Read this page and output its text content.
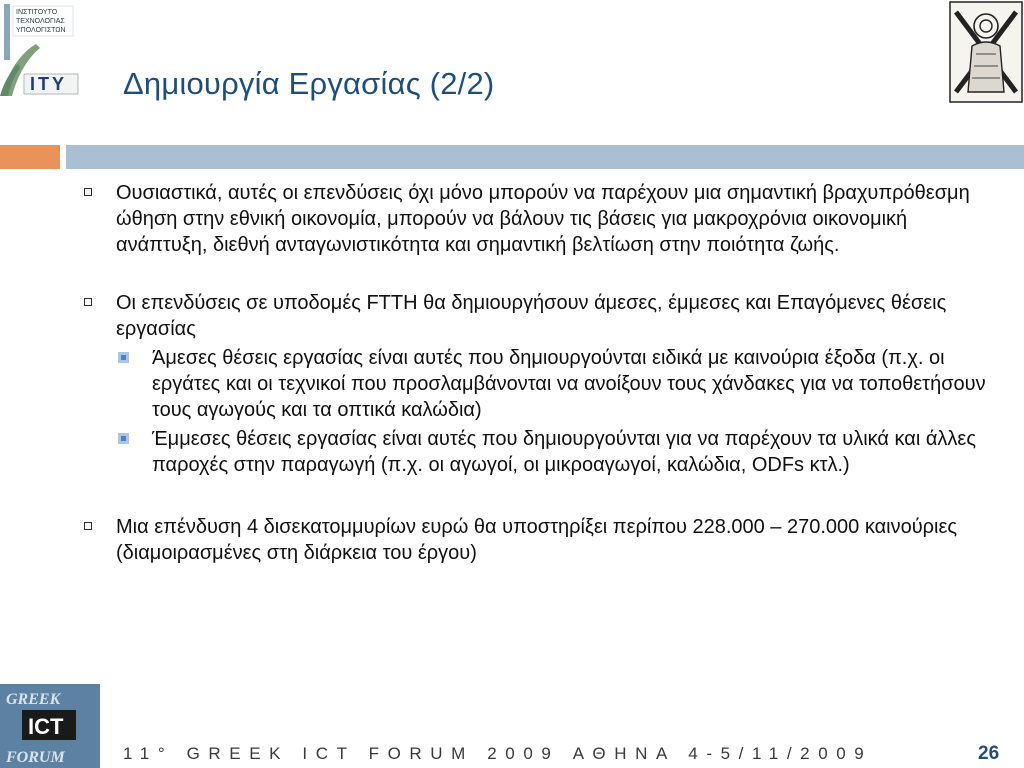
ΙΝΣΤΙΤΟΥΤΟ
ΤΕΧΝΟΛΟΓΙΑΣ
ΥΠΟΛΟΓΙΣΤΩΝ
ΙΤΥ Δημιουργία Εργασίας (2/2)
Ουσιαστικά, αυτές οι επενδύσεις όχι μόνο μπορούν να παρέχουν μια σημαντική βραχυπρόθεσμη ώθηση στην εθνική οικονομία, μπορούν να βάλουν τις βάσεις για μακροχρόνια οικονομική ανάπτυξη, διεθνή ανταγωνιστικότητα και σημαντική βελτίωση στην ποιότητα ζωής.
Οι επενδύσεις σε υποδομές FTTH θα δημιουργήσουν άμεσες, έμμεσες και Επαγόμενες θέσεις εργασίας
Άμεσες θέσεις εργασίας είναι αυτές που δημιουργούνται ειδικά με καινούρια έξοδα (π.χ. οι εργάτες και οι τεχνικοί που προσλαμβάνονται να ανοίξουν τους χάνδακες για να τοποθετήσουν τους αγωγούς και τα οπτικά καλώδια)
Έμμεσες θέσεις εργασίας είναι αυτές που δημιουργούνται για να παρέχουν τα υλικά και άλλες παροχές στην παραγωγή (π.χ. οι αγωγοί, οι μικροαγωγοί, καλώδια, ODFs κτλ.)
Μια επένδυση 4 δισεκατομμυρίων ευρώ θα υποστηρίξει περίπου 228.000 – 270.000 καινούριες (διαμοιρασμένες στη διάρκεια του έργου)
GREEK
ICT
FORUM	11° GREEK ICT FORUM 2009 ΑΘΗΝΑ 4-5/11/2009	26
